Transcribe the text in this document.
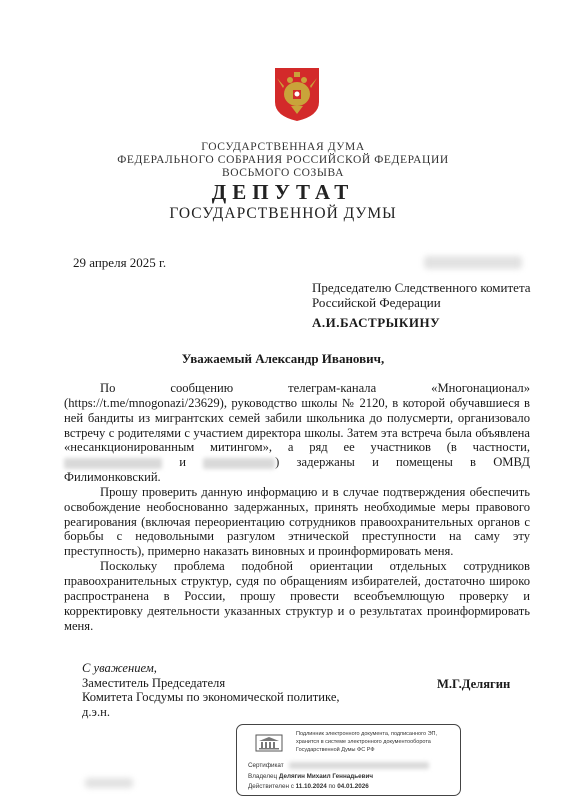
ГОСУДАРСТВЕННАЯ ДУМА
ФЕДЕРАЛЬНОГО СОБРАНИЯ РОССИЙСКОЙ ФЕДЕРАЦИИ
ВОСЬМОГО СОЗЫВА
ДЕПУТАТ
ГОСУДАРСТВЕННОЙ ДУМЫ
29 апреля 2025 г.
Председателю Следственного комитета
Российской Федерации
А.И.БАСТРЫКИНУ
Уважаемый Александр Иванович,

По сообщению телеграм-канала «Многонационал» (https://t.me/mnogonazi/23629), руководство школы № 2120, в которой обучавшиеся в ней бандиты из мигрантских семей забили школьника до полусмерти, организовало встречу с родителями с участием директора школы. Затем эта встреча была объявлена «несанкционированным митингом», а ряд ее участников (в частности,  и	) задержаны и помещены в ОМВД Филимонковский.

Прошу проверить данную информацию и в случае подтверждения обеспечить освобождение необоснованно задержанных, принять необходимые меры правового реагирования (включая переориентацию сотрудников правоохранительных органов с борьбы с недовольными разгулом этнической преступности на саму эту преступность), примерно наказать виновных и проинформировать меня.

Поскольку проблема подобной ориентации отдельных сотрудников правоохранительных структур, судя по обращениям избирателей, достаточно широко распространена в России, прошу провести всеобъемлющую проверку и корректировку деятельности указанных структур и о результатах проинформировать меня.

С уважением,
Заместитель Председателя
Комитета Госдумы по экономической политике,
д.э.н.
М.Г.Делягин
Подлинник электронного документа, подписанного ЭП, хранится в системе электронного документооборота Государственной Думы ФС РФ
Сертификат
Владелец Делягин Михаил Геннадьевич
Действителен с 11.10.2024 по 04.01.2026
